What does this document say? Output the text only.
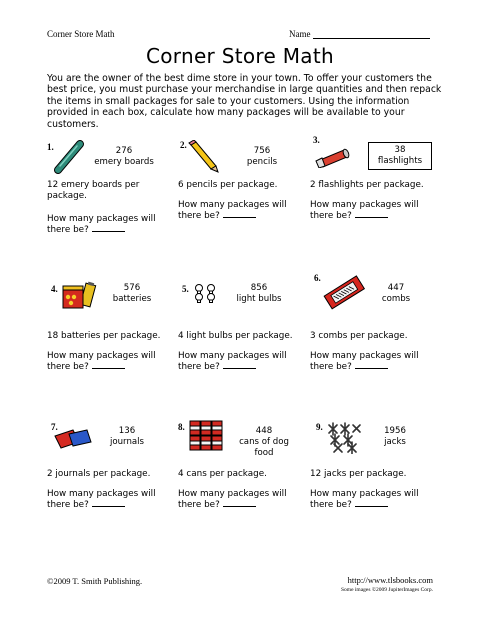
Corner Store Math	Name
Corner Store Math
You are the owner of the best dime store in your town. To offer your customers the best price, you must purchase your merchandise in large quantities and then repack the items in small packages for sale to your customers. Using the information provided in each box, calculate how many packages will be available to your customers.
1.	276
emery boards
12 emery boards per package.
How many packages will
there be?
2.
756
pencils
6 pencils per package.
How many packages will
there be?
3.
38
flashlights
2 flashlights per package.
How many packages will
there be?
4.	576
batteries
18 batteries per package.
How many packages will
there be?
5.	856
light bulbs
4 light bulbs per package.
How many packages will
there be?
6.
447
combs
3 combs per package.
How many packages will
there be?
7.	136
journals
2 journals per package.
How many packages will
there be?
8.	448
cans of dog
food
4 cans per package.
How many packages will
there be?
9.	1956
jacks
12 jacks per package.
How many packages will
there be?
©2009 T. Smith Publishing.	http://www.tlsbooks.com
Some images ©2009 JupiterImages Corp.
